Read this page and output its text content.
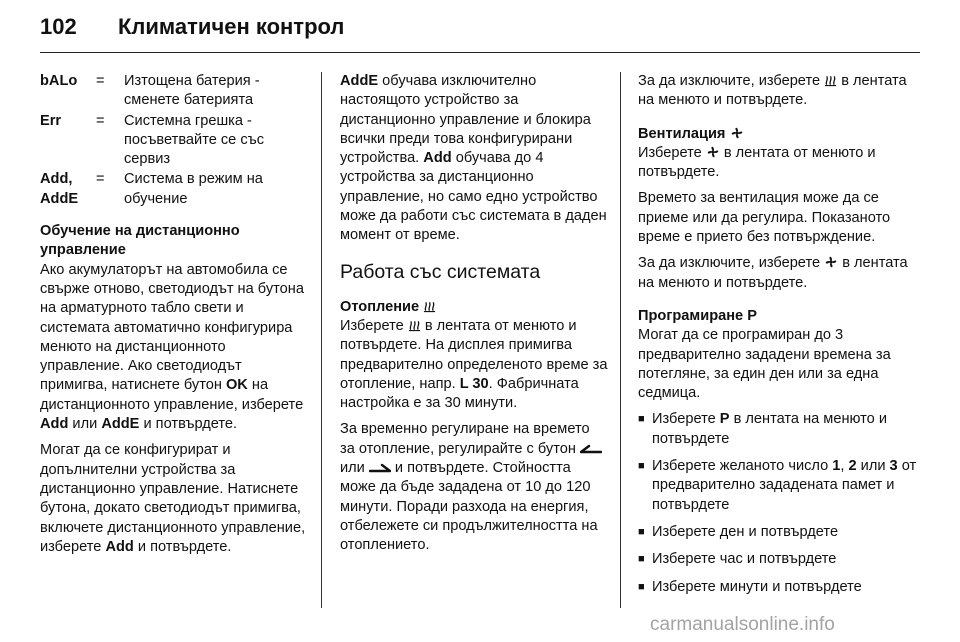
102 Климатичен контрол
bALo	=	Изтощена батерия - сменете батерията
Err	=	Системна грешка - посъветвайте се със сервиз
Add, AddE	=	Система в режим на обучение

Обучение на дистанционно управление

Ако акумулаторът на автомобила се свърже отново, светодиодът на бутона на арматурното табло свети и системата автоматично конфигурира менюто на дистанционното управление. Ако светодиодът примигва, натиснете бутон OK на дистанционното управление, изберете Add или AddE и потвърдете.

Могат да се конфигурират и допълнителни устройства за дистанционно управление. Натиснете бутона, докато светодиодът примигва, включете дистанционното управление, изберете Add и потвърдете.

AddE обучава изключително настоящото устройство за дистанционно управление и блокира всички преди това конфигурирани устройства. Add обучава до 4 устройства за дистанционно управление, но само едно устройство може да работи със системата в даден момент от време.

Работа със системата

Отопление

Изберете  в лентата от менюто и потвърдете. На дисплея примигва предварително определеното време за отопление, напр. L 30. Фабричната настройка е за 30 минути.

За временно регулиране на времето за отопление, регулирайте с бутон  или  и потвърдете. Стойността може да бъде зададена от 10 до 120 минути. Поради разхода на енергия, отбележете си продължителността на отоплението.

За да изключите, изберете  в лентата на менюто и потвърдете.

Вентилация

Изберете  в лентата от менюто и потвърдете.

Времето за вентилация може да се приеме или да регулира. Показаното време е прието без потвърждение.

За да изключите, изберете  в лентата на менюто и потвърдете.

Програмиране P

Могат да се програмиран до 3 предварително зададени времена за потегляне, за един ден или за една седмица.

■ Изберете P в лентата на менюто и потвърдете
■ Изберете желаното число 1, 2 или 3 от предварително зададената памет и потвърдете
■ Изберете ден и потвърдете
■ Изберете час и потвърдете
■ Изберете минути и потвърдете
carmanualsonline.info
